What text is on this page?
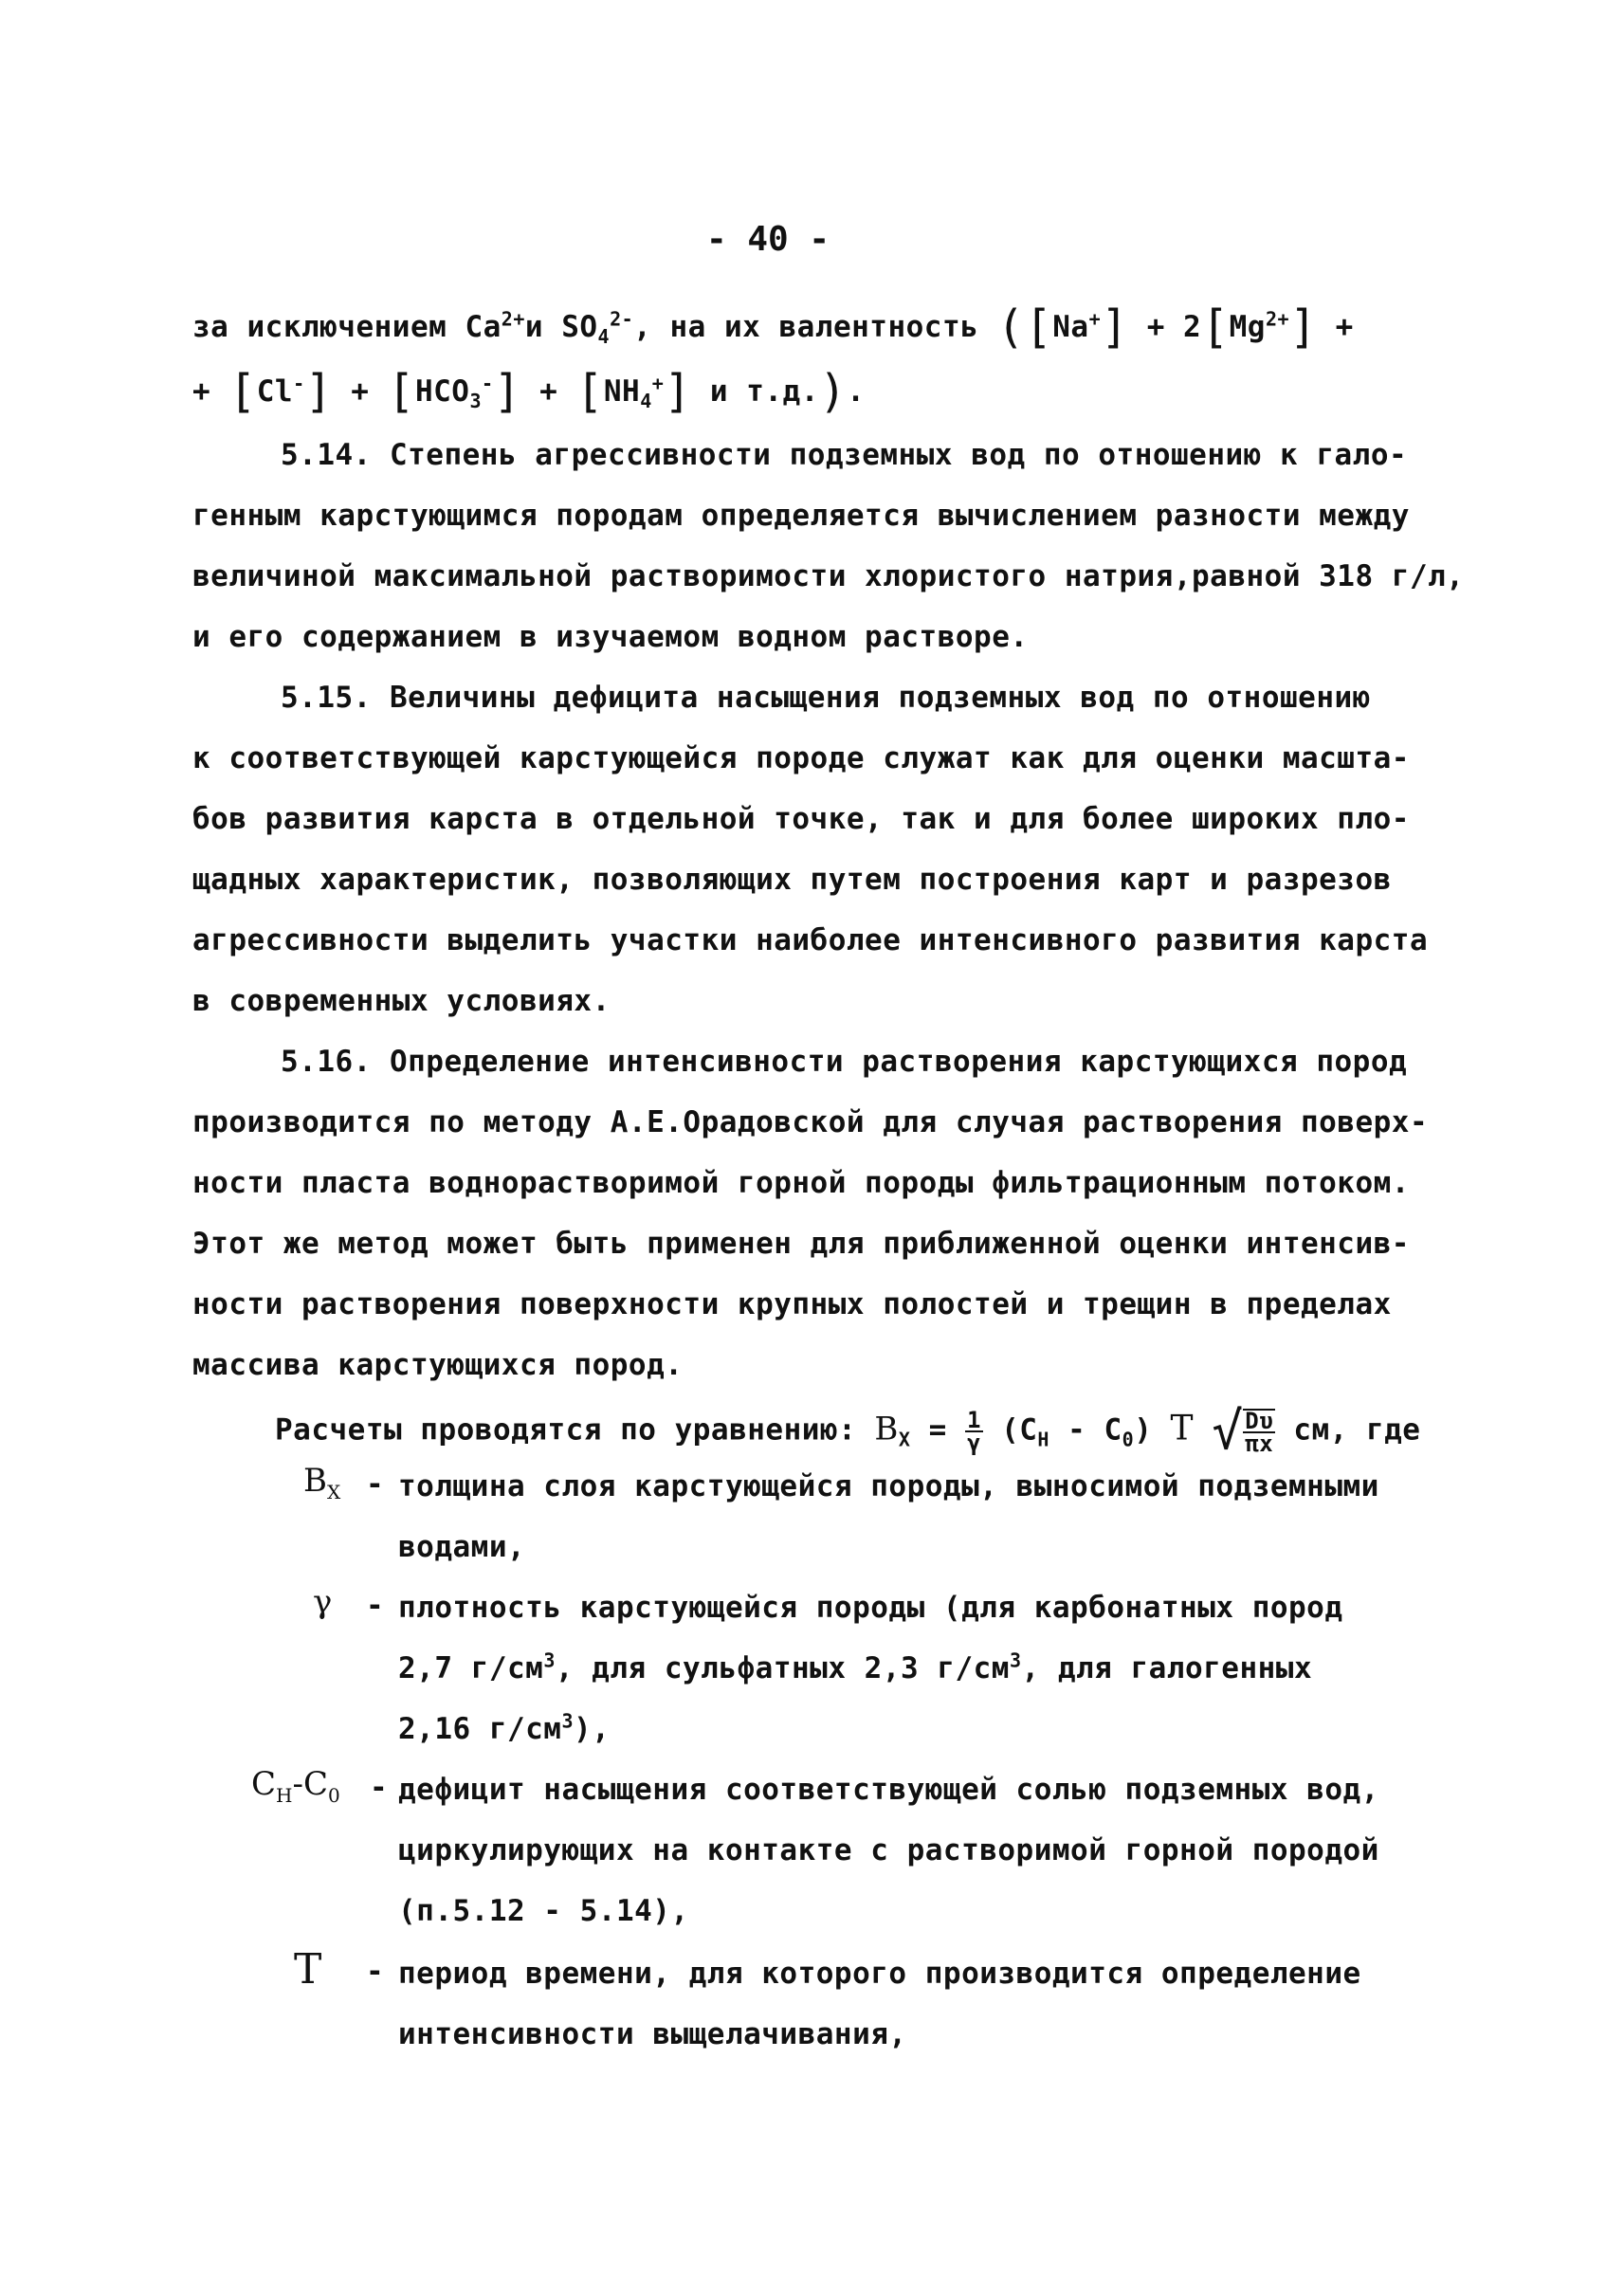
- 40 -
за исключением $Ca^{2+}и$ $SO_4^{2-}$, на их валентность ($[Na^+] + 2[Mg^{2+}]$ +
+ $[Cl^-] + [HCO_3^-] + [NH_4^+]$ и т.д.).
5.14. Степень агрессивности подземных вод по отношению к гало-
генным карстующимся породам определяется вычислением разности между
величиной максимальной растворимости хлористого натрия,равной 318 г/л,
и его содержанием в изучаемом водном растворе.
5.15. Величины дефицита насыщения подземных вод по отношению
к соответствующей карстующейся породе служат как для оценки масшта-
бов развития карста в отдельной точке, так и для более широких пло-
щадных характеристик, позволяющих путем построения карт и разрезов
агрессивности выделить участки наиболее интенсивного развития карста
в современных условиях.
5.16. Определение интенсивности растворения карстующихся пород
производится по методу А.Е.Орадовской для случая растворения поверх-
ности пласта воднорастворимой горной породы фильтрационным потоком.
Этот же метод может быть применен для приближенной оценки интенсив-
ности растворения поверхности крупных полостей и трещин в пределах
массива карстующихся пород.
Расчеты проводятся по уравнению: $B_X = \frac{1}{\gamma} (C_H - C_0)$ T √ $\frac{D\upsilon}{\pi x}$ см, где
$B_X$ - толщина слоя карстующейся породы, выносимой подземными
водами,
γ - плотность карстующейся породы (для карбонатных пород
2,7 $г/см^3$, для сульфатных 2,3 $г/см^3$, для галогенных
2,16 $г/см^3$),
$C_H-C_0$ - дефицит насыщения соответствующей солью подземных вод,
циркулирующих на контакте с растворимой горной породой
(п.5.12 - 5.14),
T - период времени, для которого производится определение
интенсивности выщелачивания,
